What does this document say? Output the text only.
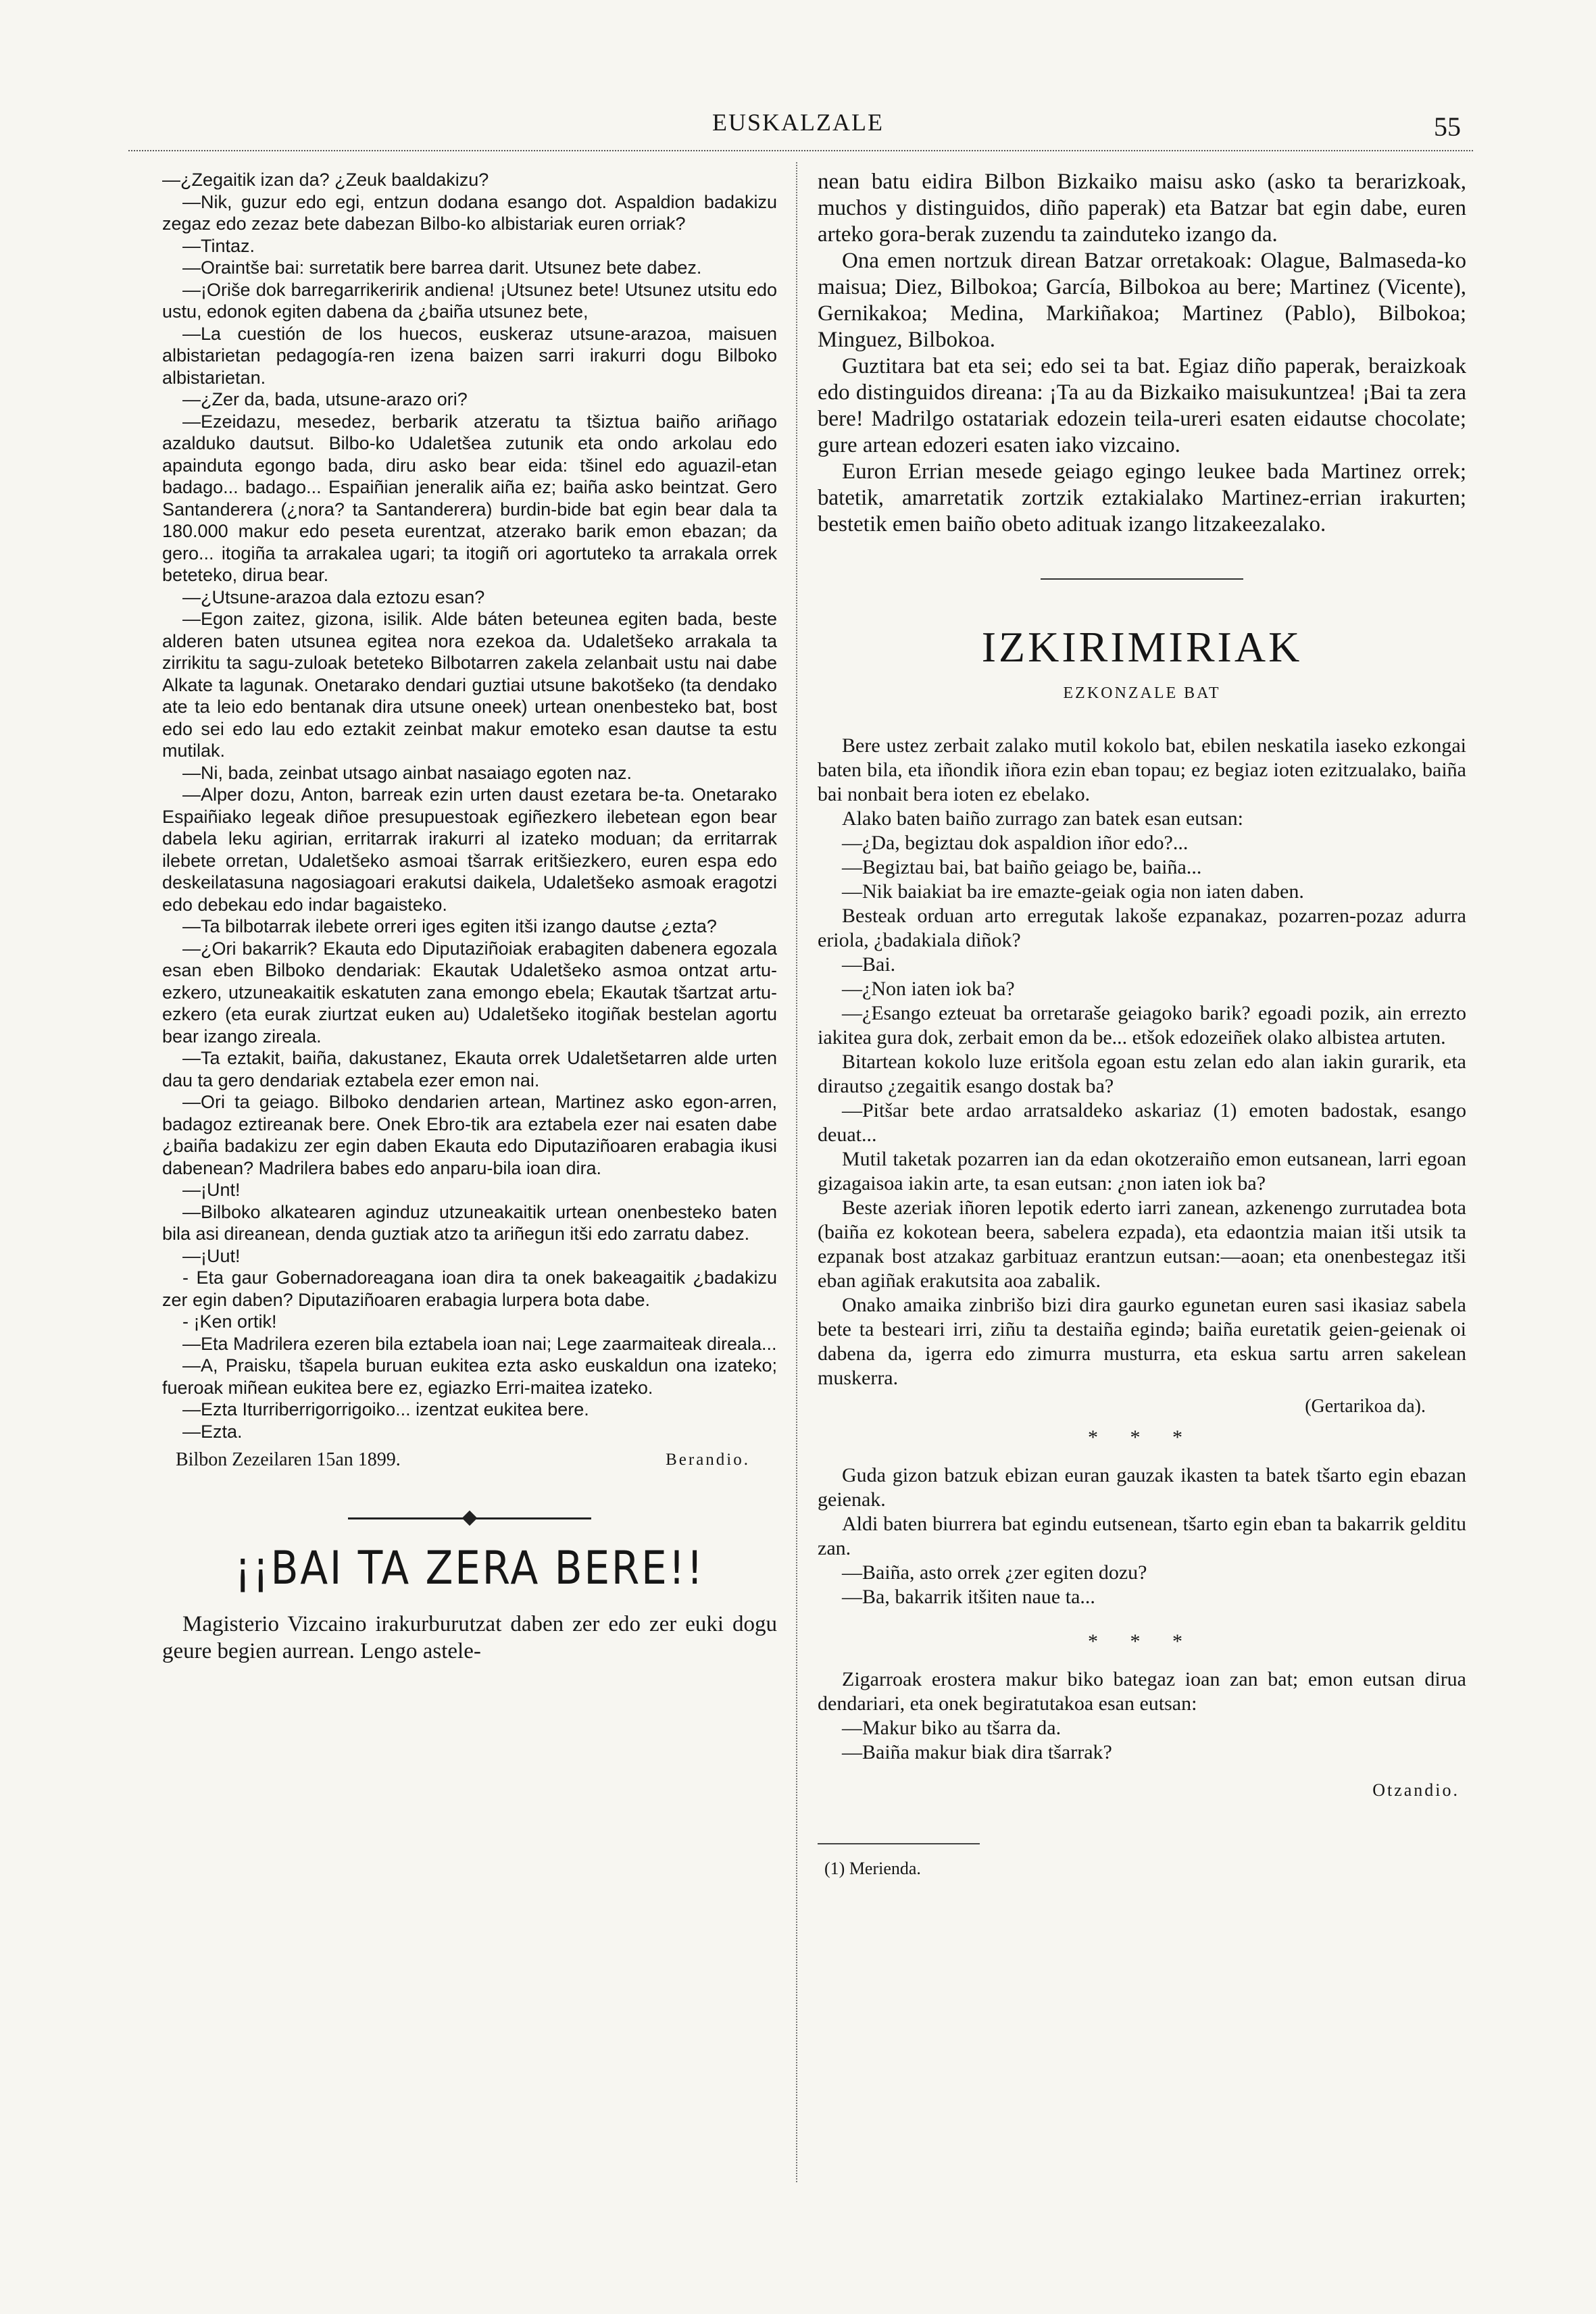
EUSKALZALE	55

—¿Zegaitik izan da? ¿Zeuk baaldakizu?

—Nik, guzur edo egi, entzun dodana esango dot. Aspaldion badakizu zegaz edo zezaz bete dabezan Bilbo-ko albistariak euren orriak?

—Tintaz.

—Oraintše bai: surretatik bere barrea darit. Utsunez bete dabez.

—¡Orišе dok barregarrikeririk andiena! ¡Utsunez bete! Utsunez utsitu edo ustu, edonok egiten dabena da ¿baiña utsunez bete,

—La cuestión de los huecos, euskeraz utsune-arazoa, maisuen albistarietan pedagogía-ren izena baizen sarri irakurri dogu Bilboko albistarietan.

—¿Zer da, bada, utsune-arazo ori?

—Ezeidazu, mesedez, berbarik atzeratu ta tšiztua baiño ariñago azalduko dautsut. Bilbo-ko Udaletšea zutunik eta ondo arkolau edo apainduta egongo bada, diru asko bear eida: tšinel edo aguazil-etan badago... badago... Espaiñian jeneralik aiña ez; baiña asko beintzat. Gero Santanderera (¿nora? ta Santanderera) burdin-bide bat egin bear dala ta 180.000 makur edo peseta eurentzat, atzerako barik emon ebazan; da gero... itogiña ta arrakalea ugari; ta itogiñ ori agortuteko ta arrakala orrek beteteko, dirua bear.

—¿Utsune-arazoa dala eztozu esan?

—Egon zaitez, gizona, isilik. Alde báten beteunea egiten bada, beste alderen baten utsunea egitea nora ezekoa da. Udaletšeko arrakala ta zirrikitu ta sagu-zuloak beteteko Bilbotarren zakela zelanbait ustu nai dabe Alkate ta lagunak. Onetarako dendari guztiai utsune bakotšeko (ta dendako ate ta leio edo bentanak dira utsune oneek) urtean onenbesteko bat, bost edo sei edo lau edo eztakit zeinbat makur emoteko esan dautse ta estu mutilak.

—Ni, bada, zeinbat utsago ainbat nasaiago egoten naz.

—Alper dozu, Anton, barreak ezin urten daust ezetara be-ta. Onetarako Espaiñiako legeak diñoe presupuestoak egiñezkero ilebetean egon bear dabela leku agirian, erritarrak irakurri al izateko moduan; da erritarrak ilebete orretan, Udaletšeko asmoai tšarrak eritšiezkero, euren espa edo deskeilatasuna nagosiagoari erakutsi daikela, Udaletšeko asmoak eragotzi edo debekau edo indar bagaisteko.

—Ta bilbotarrak ilebete orreri iges egiten itši izango dautse ¿ezta?

—¿Ori bakarrik? Ekauta edo Diputaziñoiak erabagiten dabenera egozala esan eben Bilboko dendariak: Ekautak Udaletšeko asmoa ontzat artu-ezkero, utzuneakaitik eskatuten zana emongo ebela; Ekautak tšartzat artu-ezkero (eta eurak ziurtzat euken au) Udaletšeko itogiñak bestelan agortu bear izango zireala.

—Ta eztakit, baiña, dakustanez, Ekauta orrek Udaletšetarren alde urten dau ta gero dendariak eztabela ezer emon nai.

—Ori ta geiago. Bilboko dendarien artean, Martinez asko egon-arren, badagoz eztireanak bere. Onek Ebro-tik ara eztabela ezer nai esaten dabe ¿baiña badakizu zer egin daben Ekauta edo Diputaziñoaren erabagia ikusi dabenean? Madrilera babes edo anparu-bila ioan dira.

—¡Unt!

—Bilboko alkatearen aginduz utzuneakaitik urtean onenbesteko baten bila asi direanean, denda guztiak atzo ta ariñegun itši edo zarratu dabez.

—¡Uut!

- Eta gaur Gobernadoreagana ioan dira ta onek bakeagaitik ¿badakizu zer egin daben? Diputaziñoaren erabagia lurpera bota dabe.

- ¡Ken ortik!

—Eta Madrilera ezeren bila eztabela ioan nai; Lege zaarmaiteak direala...

—A, Praisku, tšapela buruan eukitea ezta asko euskaldun ona izateko; fueroak miñean eukitea bere ez, egiazko Erri-maitea izateko.

—Ezta Iturriberrigorrigoiko... izentzat eukitea bere.

—Ezta.

Bilbon Zezeilaren 15an 1899.	Berandio.
¡¡BAI TA ZERA BERE!!

Magisterio Vizcaino irakurburutzat daben zer edo zer euki dogu geure begien aurrean. Lengo astele-

nean batu eidira Bilbon Bizkaiko maisu asko (asko ta berarizkoak, muchos y distinguidos, diño paperak) eta Batzar bat egin dabe, euren arteko gora-berak zuzendu ta zainduteko izango da.

Ona emen nortzuk direan Batzar orretakoak: Olague, Balmaseda-ko maisua; Diez, Bilbokoa; García, Bilbokoa au bere; Martinez (Vicente), Gernikakoa; Medina, Markiñakoa; Martinez (Pablo), Bilbokoa; Minguez, Bilbokoa.

Guztitara bat eta sei; edo sei ta bat. Egiaz diño paperak, beraizkoak edo distinguidos direana: ¡Ta au da Bizkaiko maisukuntzea! ¡Bai ta zera bere! Madrilgo ostatariak edozein teila-ureri esaten eidautse chocolate; gure artean edozeri esaten iako vizcaino.

Euron Errian mesede geiago egingo leukee bada Martinez orrek; batetik, amarretatik zortzik eztakialako Martinez-errian irakurten; bestetik emen baiño obeto adituak izango litzakeezalako.

IZKIRIMIRIAK
EZKONZALE BAT

Bere ustez zerbait zalako mutil kokolo bat, ebilen neskatila iaseko ezkongai baten bila, eta iñondik iñora ezin eban topau; ez begiaz ioten ezitzualako, baiña bai nonbait bera ioten ez ebelako.

Alako baten baiño zurrago zan batek esan eutsan:

—¿Da, begiztau dok aspaldion iñor edo?...

—Begiztau bai, bat baiño geiago be, baiña...

—Nik baiakiat ba ire emazte-geiak ogia non iaten daben.

Besteak orduan arto erregutak lakoše ezpanakaz, pozarren-pozaz adurra eriola, ¿badakiala diñok?

—Bai.

—¿Non iaten iok ba?

—¿Esango ezteuat ba orretaraše geiagoko barik? egoadi pozik, ain errezto iakitea gura dok, zerbait emon da be... etšok edozeiñek olako albistea artuten.

Bitartean kokolo luze eritšola egoan estu zelan edo alan iakin gurarik, eta dirautso ¿zegaitik esango dostak ba?

—Pitšar bete ardao arratsaldeko askariaz (1) emoten badostak, esango deuat...

Mutil taketak pozarren ian da edan okotzeraiño emon eutsanean, larri egoan gizagaisoa iakin arte, ta esan eutsan: ¿non iaten iok ba?

Beste azeriak iñoren lepotik ederto iarri zanean, azkenengo zurrutadea bota (baiña ez kokotean beera, sabelera ezpada), eta edaontzia maian itši utsik ta ezpanak bost atzakaz garbituaz erantzun eutsan:—aoan; eta onenbestegaz itši eban agiñak erakutsita aoa zabalik.

Onako amaika zinbrišo bizi dira gaurko egunetan euren sasi ikasiaz sabela bete ta besteari irri, ziñu ta destaiña egində; baiña euretatik geien-geienak oi dabena da, igerra edo zimurra musturra, eta eskua sartu arren sakelean muskerra.

(Gertarikoa da).
* * *

Guda gizon batzuk ebizan euran gauzak ikasten ta batek tšarto egin ebazan geienak.

Aldi baten biurrera bat egindu eutsenean, tšarto egin eban ta bakarrik gelditu zan.

—Baiña, asto orrek ¿zer egiten dozu?

—Ba, bakarrik itšiten naue ta...

* * *

Zigarroak erostera makur biko bategaz ioan zan bat; emon eutsan dirua dendariari, eta onek begiratutakoa esan eutsan:

—Makur biko au tšarra da.

—Baiña makur biak dira tšarrak?

Otzandio.
(1) Merienda.
